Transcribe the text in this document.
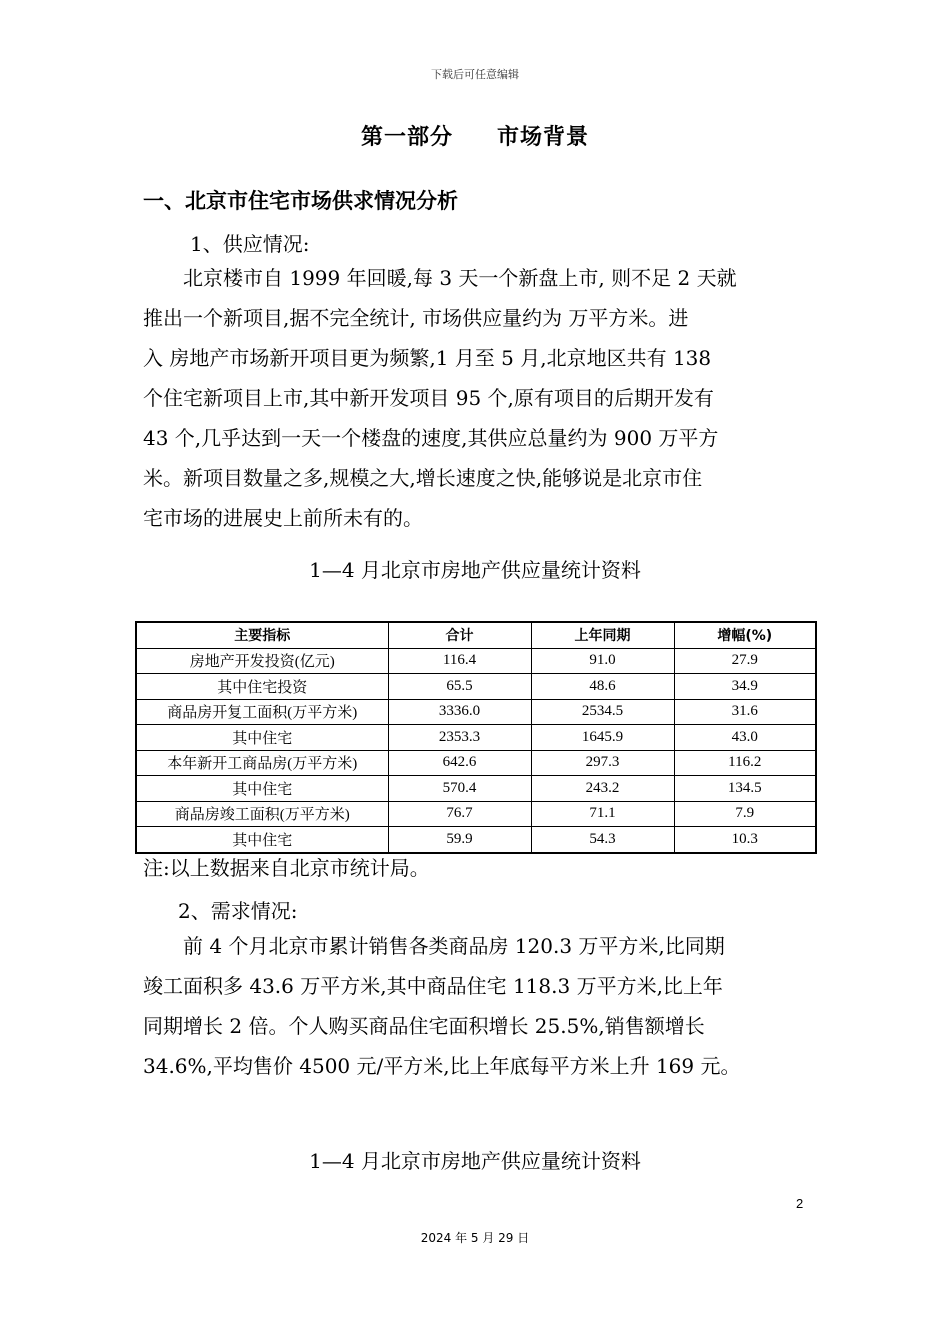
下载后可任意编辑
第一部分 市场背景
一、北京市住宅市场供求情况分析
1、供应情况:
北京楼市自 1999 年回暖,每 3 天一个新盘上市, 则不足 2 天就
推出一个新项目,据不完全统计, 市场供应量约为 万平方米。进
入 房地产市场新开项目更为频繁,1 月至 5 月,北京地区共有 138
个住宅新项目上市,其中新开发项目 95 个,原有项目的后期开发有
43 个,几乎达到一天一个楼盘的速度,其供应总量约为 900 万平方
米。新项目数量之多,规模之大,增长速度之快,能够说是北京市住
宅市场的进展史上前所未有的。
1—4 月北京市房地产供应量统计资料
主要指标	合计	上年同期	增幅(%)
房地产开发投资(亿元)	116.4	91.0	27.9
其中住宅投资	65.5	48.6	34.9
商品房开复工面积(万平方米)	3336.0	2534.5	31.6
其中住宅	2353.3	1645.9	43.0
本年新开工商品房(万平方米)	642.6	297.3	116.2
其中住宅	570.4	243.2	134.5
商品房竣工面积(万平方米)	76.7	71.1	7.9
其中住宅	59.9	54.3	10.3
注:以上数据来自北京市统计局。
2、需求情况:
前 4 个月北京市累计销售各类商品房 120.3 万平方米,比同期
竣工面积多 43.6 万平方米,其中商品住宅 118.3 万平方米,比上年
同期增长 2 倍。个人购买商品住宅面积增长 25.5%,销售额增长
34.6%,平均售价 4500 元/平方米,比上年底每平方米上升 169 元。
1—4 月北京市房地产供应量统计资料
2
2024 年 5 月 29 日
